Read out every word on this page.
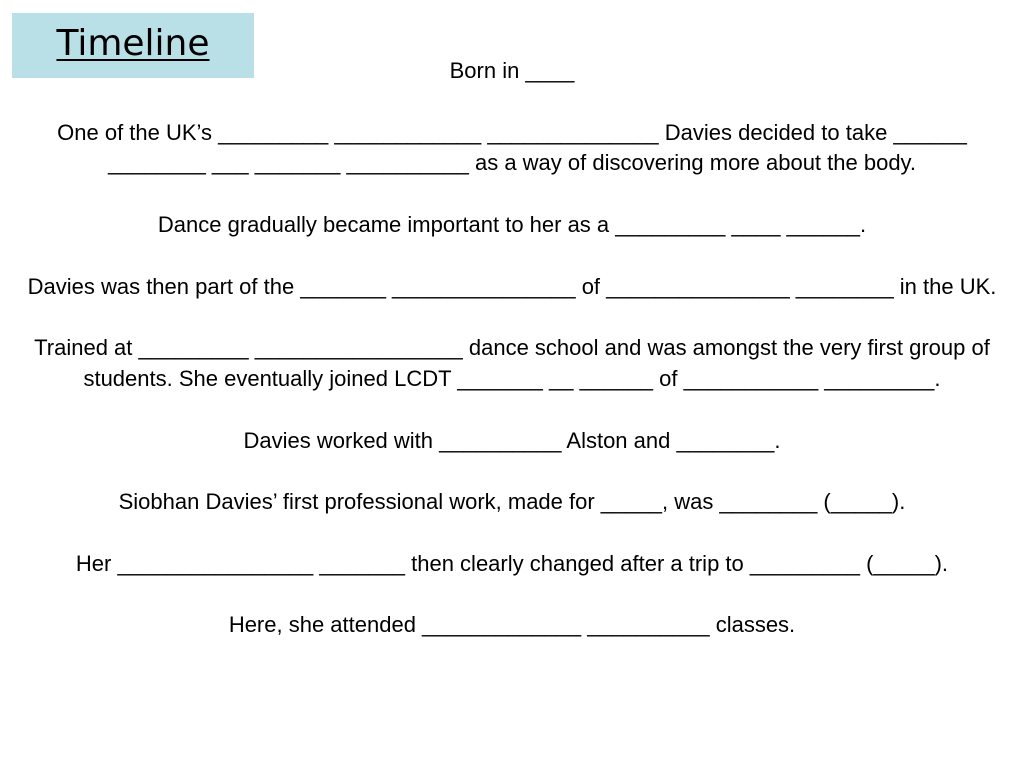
Timeline

Born in ____

One of the UK’s _________ ____________ ______________ Davies decided to take ______ ________ ___ _______ __________ as a way of discovering more about the body.

Dance gradually became important to her as a _________ ____ ______.

Davies was then part of the _______ _______________ of _______________ ________ in the UK.

Trained at _________ _________________ dance school and was amongst the very first group of students. She eventually joined LCDT _______ __ ______ of ___________ _________.

Davies worked with __________ Alston and ________.

Siobhan Davies’ first professional work, made for _____, was ________ (_____).

Her ________________ _______ then clearly changed after a trip to _________ (_____).

Here, she attended _____________ __________ classes.
